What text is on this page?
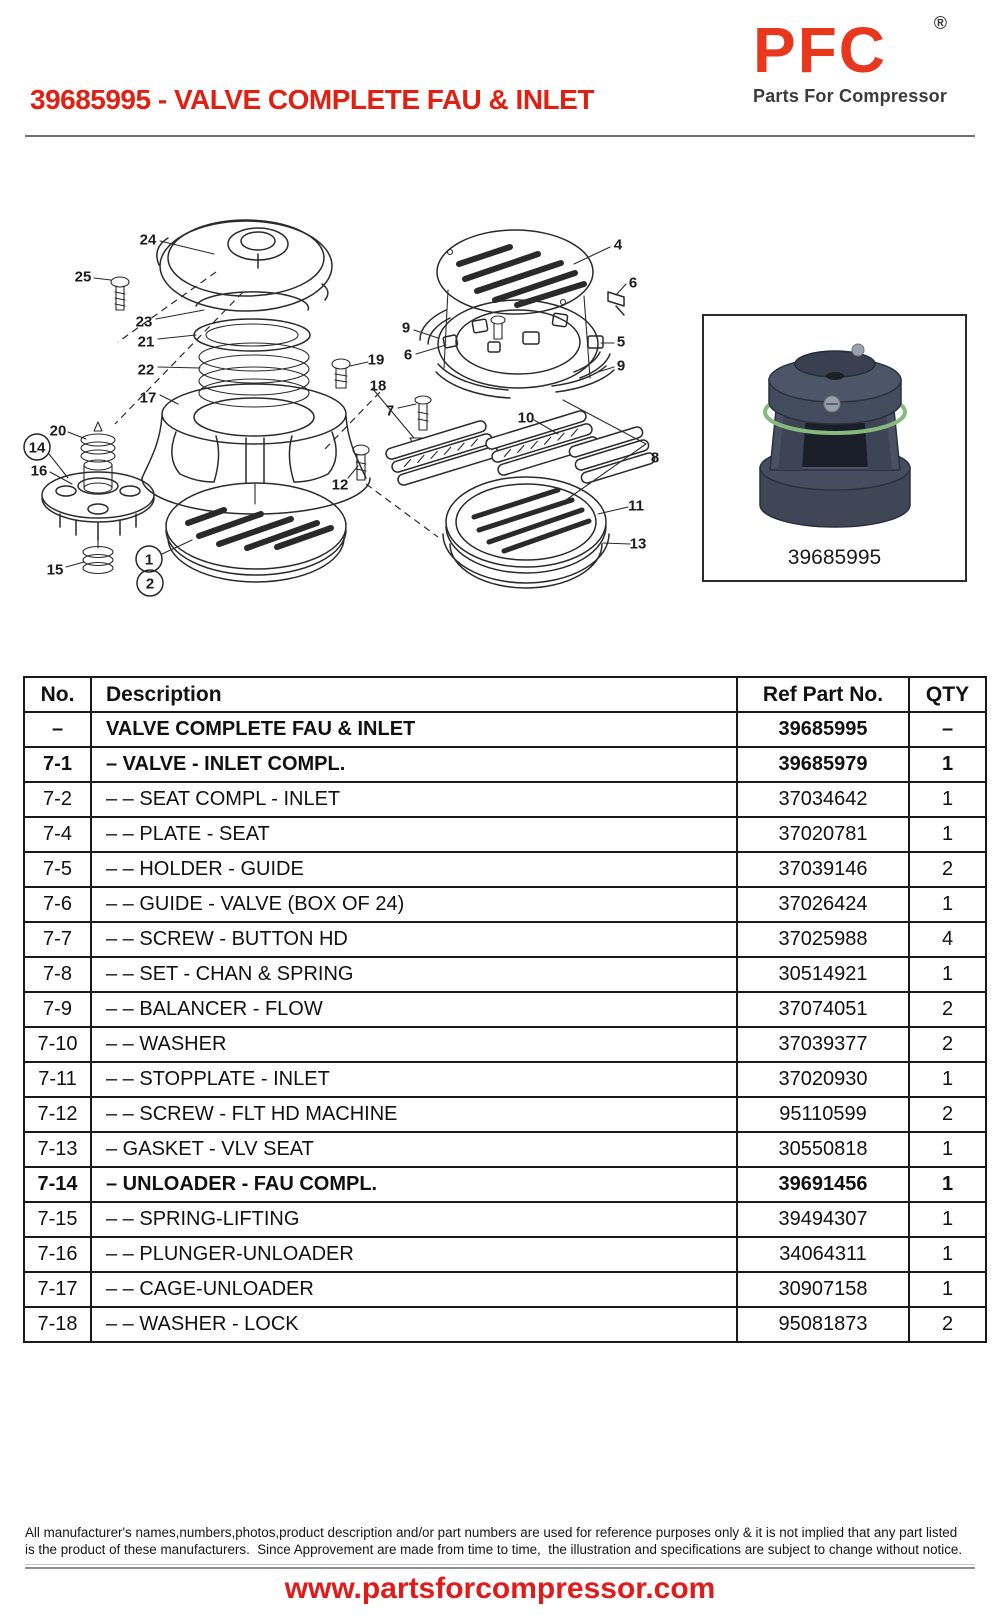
39685995 - VALVE COMPLETE FAU & INLET
PFC	®
Parts For Compressor
24
25
23
21
22
17
20
14
16
15
1
2
19
18
7
12
10
4
6
9
6
5
9
8
11
13
39685995
No.	Description	Ref Part No.	QTY
–	VALVE COMPLETE FAU & INLET	39685995	–
7-1	– VALVE - INLET COMPL.	39685979	1
7-2	– – SEAT COMPL - INLET	37034642	1
7-4	– – PLATE - SEAT	37020781	1
7-5	– – HOLDER - GUIDE	37039146	2
7-6	– – GUIDE - VALVE (BOX OF 24)	37026424	1
7-7	– – SCREW - BUTTON HD	37025988	4
7-8	– – SET - CHAN & SPRING	30514921	1
7-9	– – BALANCER - FLOW	37074051	2
7-10	– – WASHER	37039377	2
7-11	– – STOPPLATE - INLET	37020930	1
7-12	– – SCREW - FLT HD MACHINE	95110599	2
7-13	– GASKET - VLV SEAT	30550818	1
7-14	– UNLOADER - FAU COMPL.	39691456	1
7-15	– – SPRING-LIFTING	39494307	1
7-16	– – PLUNGER-UNLOADER	34064311	1
7-17	– – CAGE-UNLOADER	30907158	1
7-18	– – WASHER - LOCK	95081873	2

All manufacturer's names,numbers,photos,product description and/or part numbers are used for reference purposes only & it is not implied that any part listed
is the product of these manufacturers.  Since Approvement are made from time to time,  the illustration and specifications are subject to change without notice.

www.partsforcompressor.com
